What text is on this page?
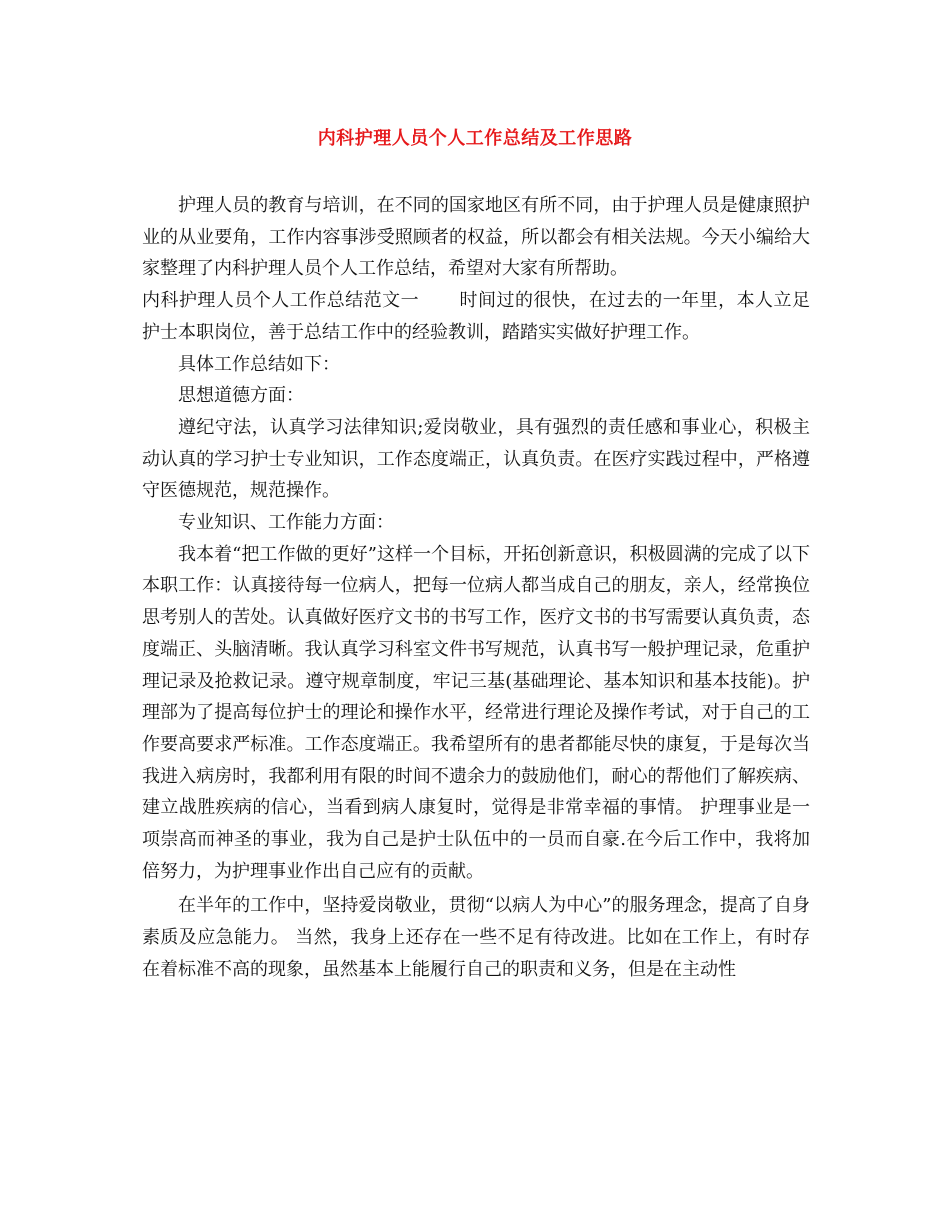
内科护理人员个人工作总结及工作思路

护理人员的教育与培训，在不同的国家地区有所不同，由于护理人员是健康照护业的从业要角，工作内容事涉受照顾者的权益，所以都会有相关法规。今天小编给大家整理了内科护理人员个人工作总结，希望对大家有所帮助。

内科护理人员个人工作总结范文一 时间过的很快，在过去的一年里，本人立足护士本职岗位，善于总结工作中的经验教训，踏踏实实做好护理工作。

具体工作总结如下：

思想道德方面：

遵纪守法，认真学习法律知识;爱岗敬业，具有强烈的责任感和事业心，积极主动认真的学习护士专业知识，工作态度端正，认真负责。在医疗实践过程中，严格遵守医德规范，规范操作。

专业知识、工作能力方面：

我本着“把工作做的更好”这样一个目标，开拓创新意识，积极圆满的完成了以下本职工作：认真接待每一位病人，把每一位病人都当成自己的朋友，亲人，经常换位思考别人的苦处。认真做好医疗文书的书写工作，医疗文书的书写需要认真负责，态度端正、头脑清晰。我认真学习科室文件书写规范，认真书写一般护理记录，危重护理记录及抢救记录。遵守规章制度，牢记三基(基础理论、基本知识和基本技能)。护理部为了提高每位护士的理论和操作水平，经常进行理论及操作考试，对于自己的工作要高要求严标准。工作态度端正。我希望所有的患者都能尽快的康复，于是每次当我进入病房时，我都利用有限的时间不遗余力的鼓励他们，耐心的帮他们了解疾病、建立战胜疾病的信心，当看到病人康复时，觉得是非常幸福的事情。 护理事业是一项崇高而神圣的事业，我为自己是护士队伍中的一员而自豪.在今后工作中，我将加倍努力，为护理事业作出自己应有的贡献。

在半年的工作中，坚持爱岗敬业，贯彻“以病人为中心”的服务理念，提高了自身素质及应急能力。 当然，我身上还存在一些不足有待改进。比如在工作上，有时存在着标准不高的现象，虽然基本上能履行自己的职责和义务，但是在主动性
